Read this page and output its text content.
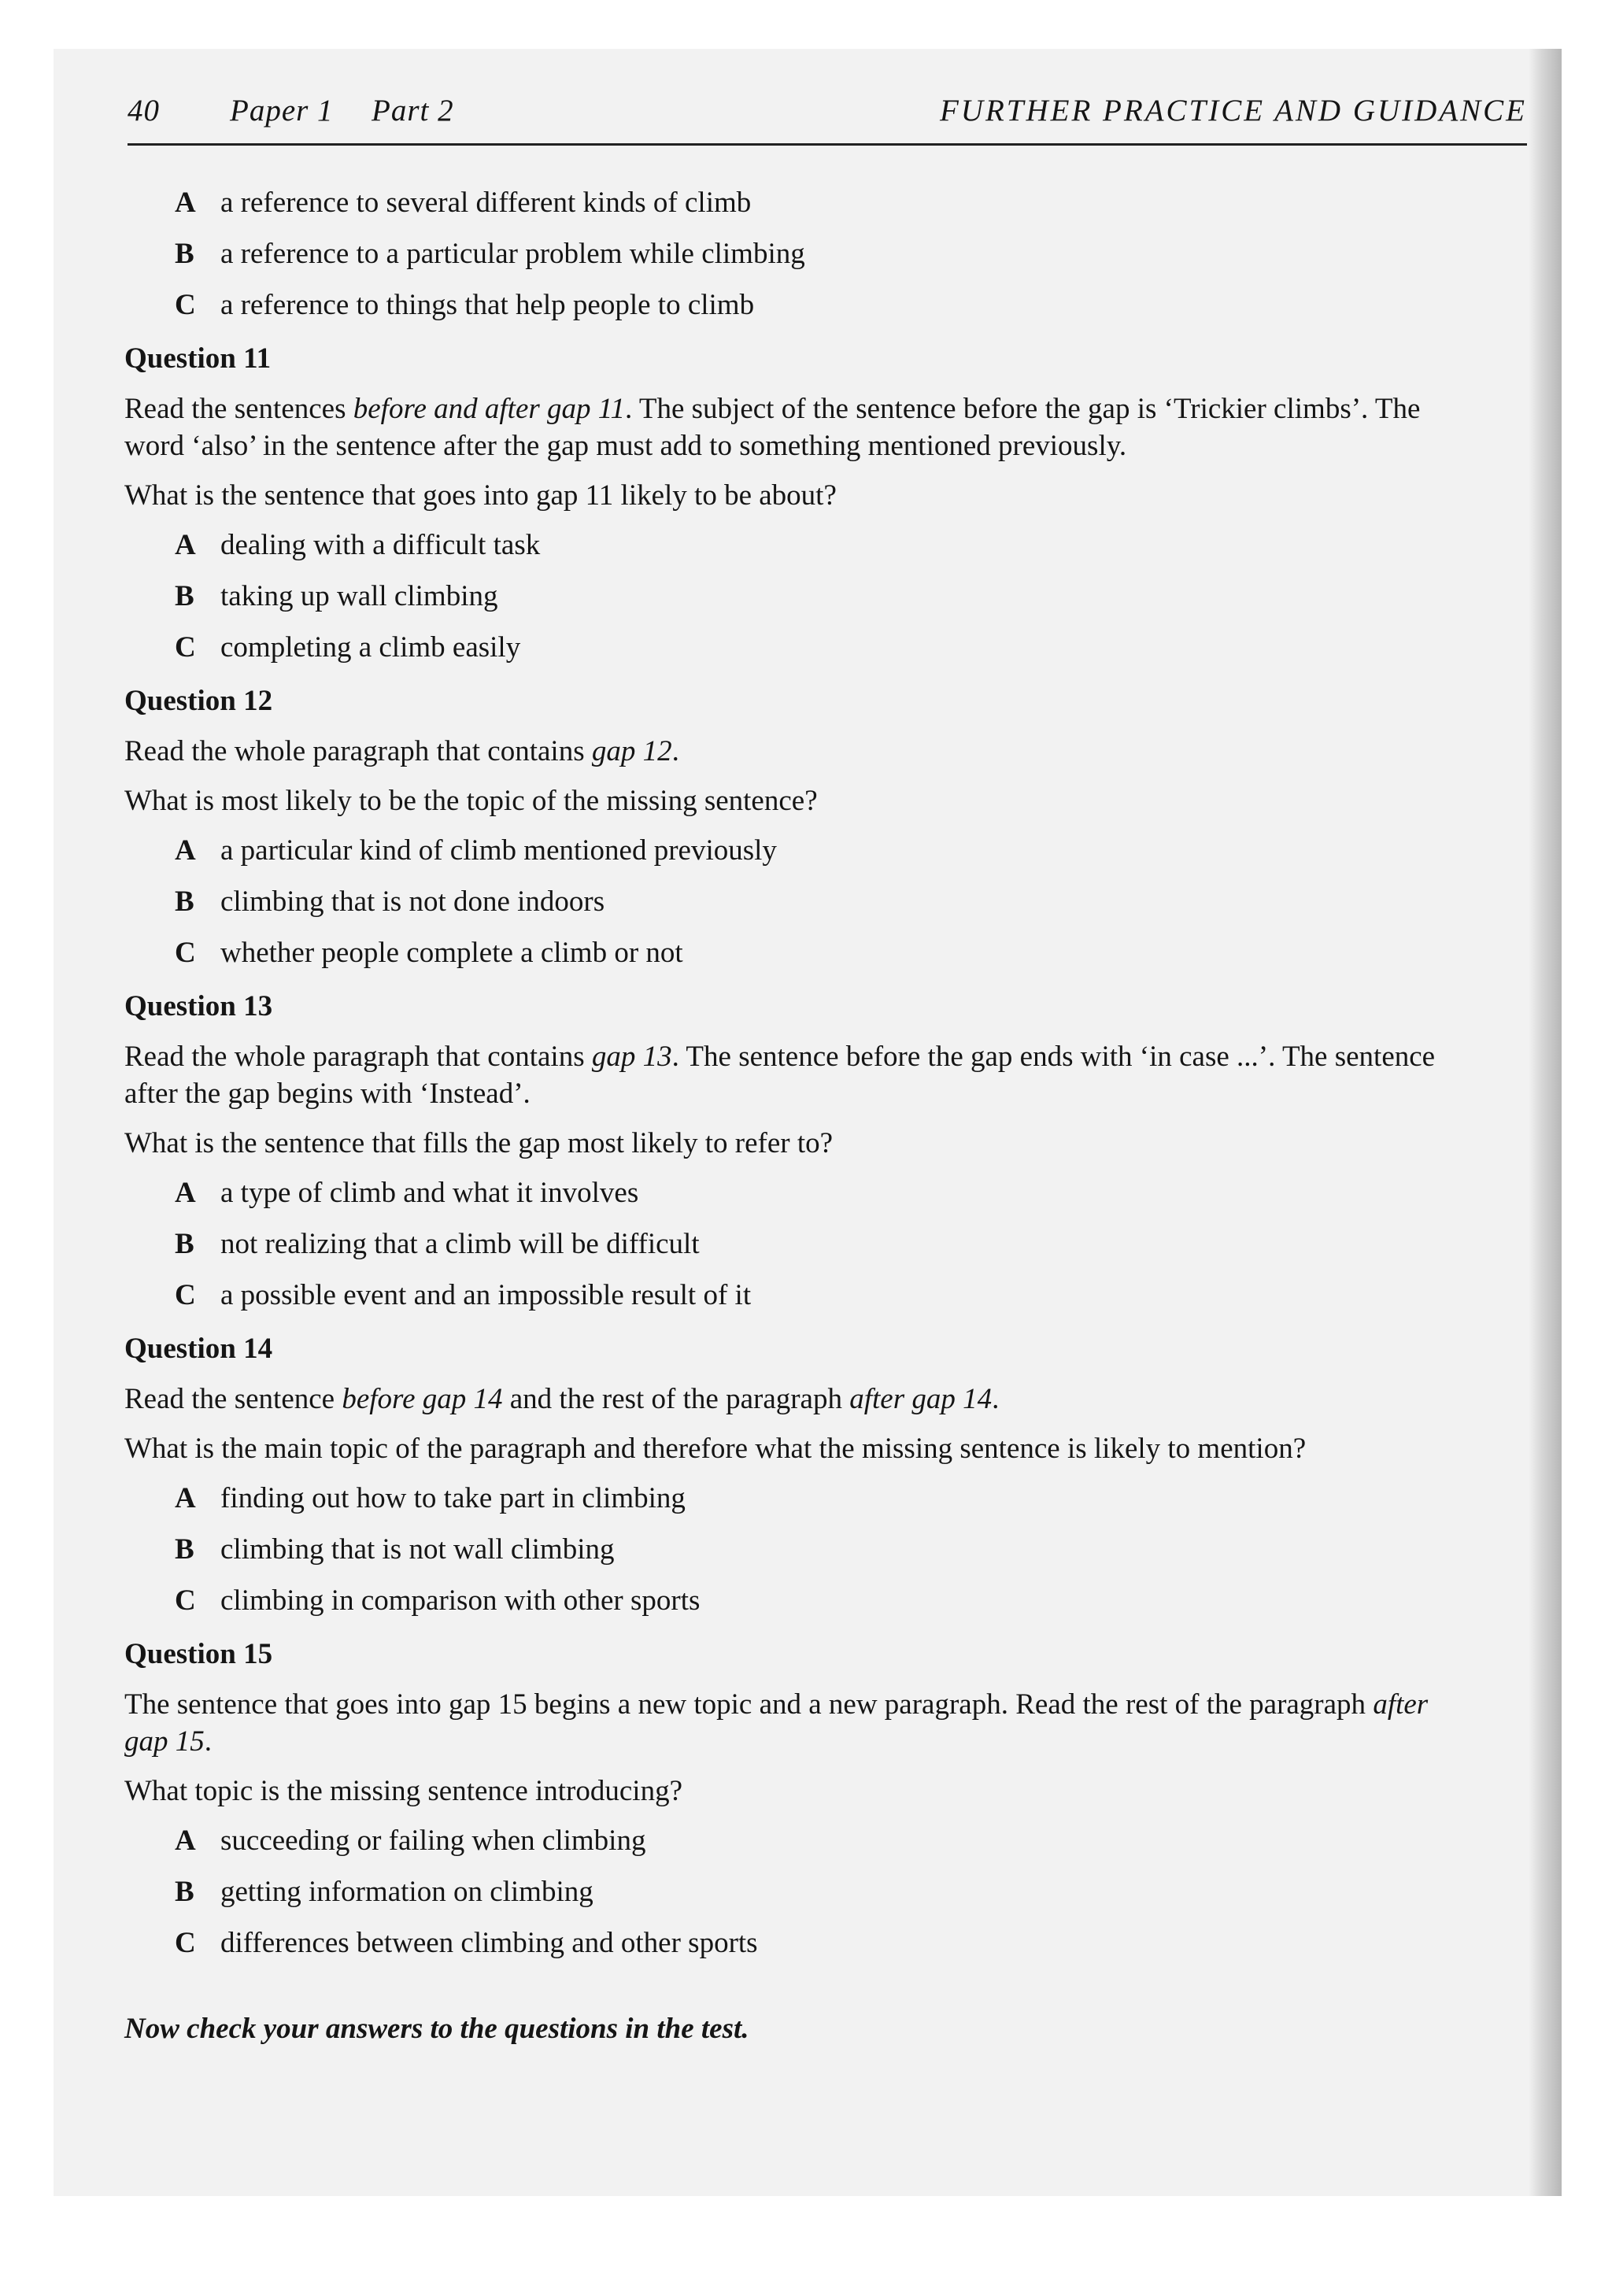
40 Paper 1 Part 2	FURTHER PRACTICE AND GUIDANCE
A a reference to several different kinds of climb
B a reference to a particular problem while climbing
C a reference to things that help people to climb
Question 11
Read the sentences before and after gap 11. The subject of the sentence before the gap is ‘Trickier climbs’. The word ‘also’ in the sentence after the gap must add to something mentioned previously.
What is the sentence that goes into gap 11 likely to be about?
A dealing with a difficult task
B taking up wall climbing
C completing a climb easily
Question 12
Read the whole paragraph that contains gap 12.
What is most likely to be the topic of the missing sentence?
A a particular kind of climb mentioned previously
B climbing that is not done indoors
C whether people complete a climb or not
Question 13
Read the whole paragraph that contains gap 13. The sentence before the gap ends with ‘in case ...’. The sentence after the gap begins with ‘Instead’.
What is the sentence that fills the gap most likely to refer to?
A a type of climb and what it involves
B not realizing that a climb will be difficult
C a possible event and an impossible result of it
Question 14
Read the sentence before gap 14 and the rest of the paragraph after gap 14.
What is the main topic of the paragraph and therefore what the missing sentence is likely to mention?
A finding out how to take part in climbing
B climbing that is not wall climbing
C climbing in comparison with other sports
Question 15
The sentence that goes into gap 15 begins a new topic and a new paragraph. Read the rest of the paragraph after gap 15.
What topic is the missing sentence introducing?
A succeeding or failing when climbing
B getting information on climbing
C differences between climbing and other sports
Now check your answers to the questions in the test.
